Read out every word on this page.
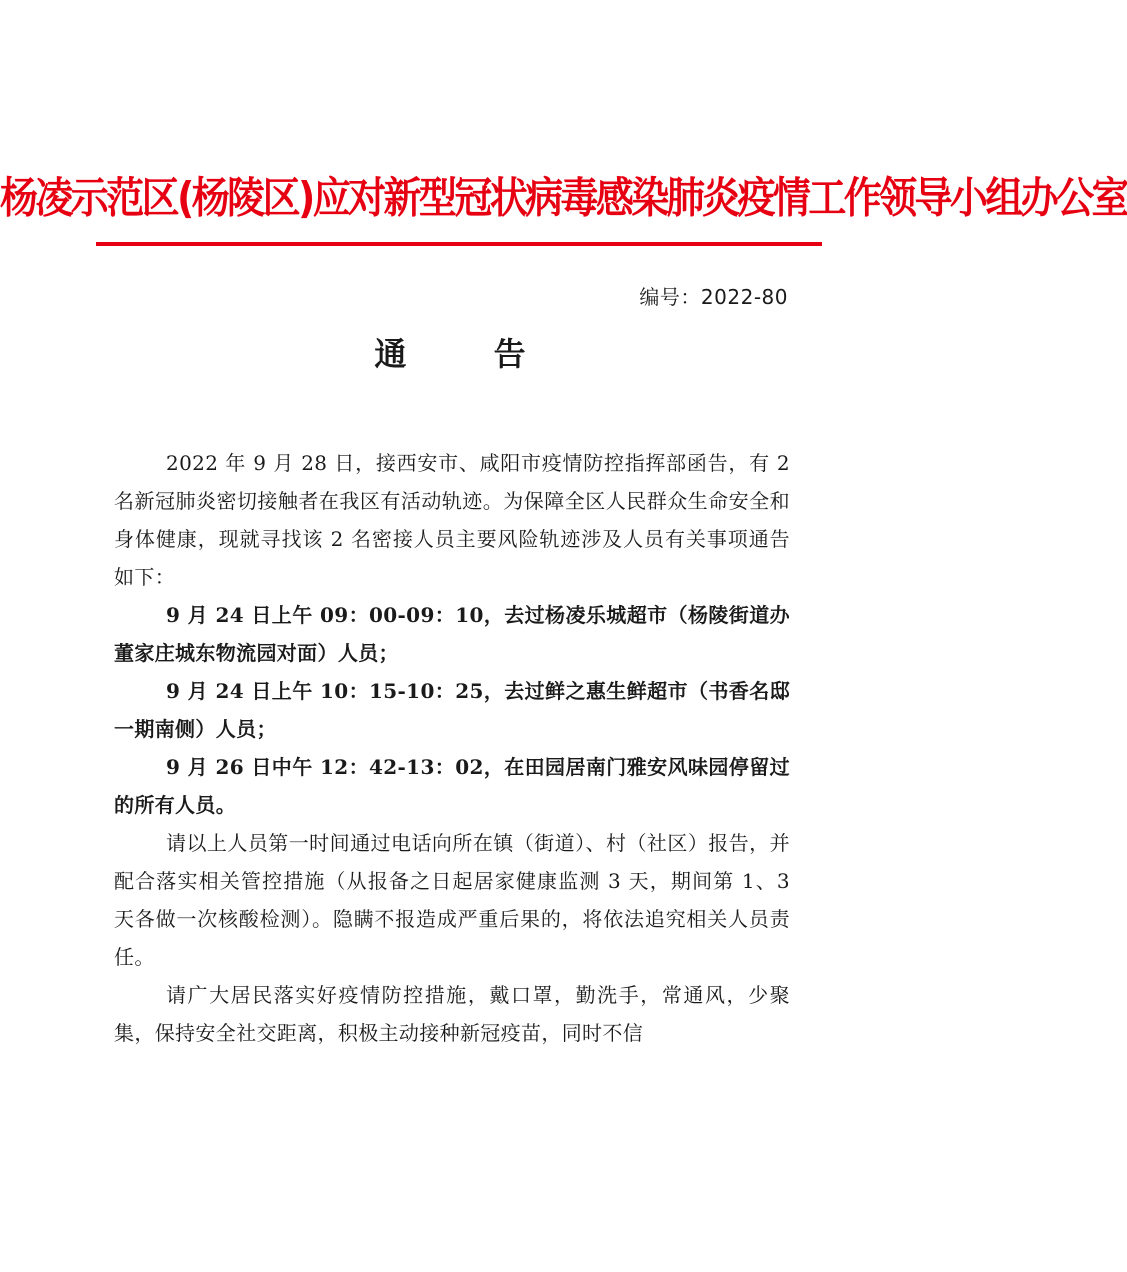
杨凌示范区(杨陵区)应对新型冠状病毒感染肺炎疫情工作领导小组办公室
编号：2022-80
通 告

2022 年 9 月 28 日，接西安市、咸阳市疫情防控指挥部函告，有 2 名新冠肺炎密切接触者在我区有活动轨迹。为保障全区人民群众生命安全和身体健康，现就寻找该 2 名密接人员主要风险轨迹涉及人员有关事项通告如下：

9 月 24 日上午 09：00-09：10，去过杨凌乐城超市（杨陵街道办董家庄城东物流园对面）人员；

9 月 24 日上午 10：15-10：25，去过鲜之惠生鲜超市（书香名邸一期南侧）人员；

9 月 26 日中午 12：42-13：02，在田园居南门雅安风味园停留过的所有人员。

请以上人员第一时间通过电话向所在镇（街道）、村（社区）报告，并配合落实相关管控措施（从报备之日起居家健康监测 3 天，期间第 1、3 天各做一次核酸检测）。隐瞒不报造成严重后果的，将依法追究相关人员责任。

请广大居民落实好疫情防控措施，戴口罩，勤洗手，常通风，少聚集，保持安全社交距离，积极主动接种新冠疫苗，同时不信
